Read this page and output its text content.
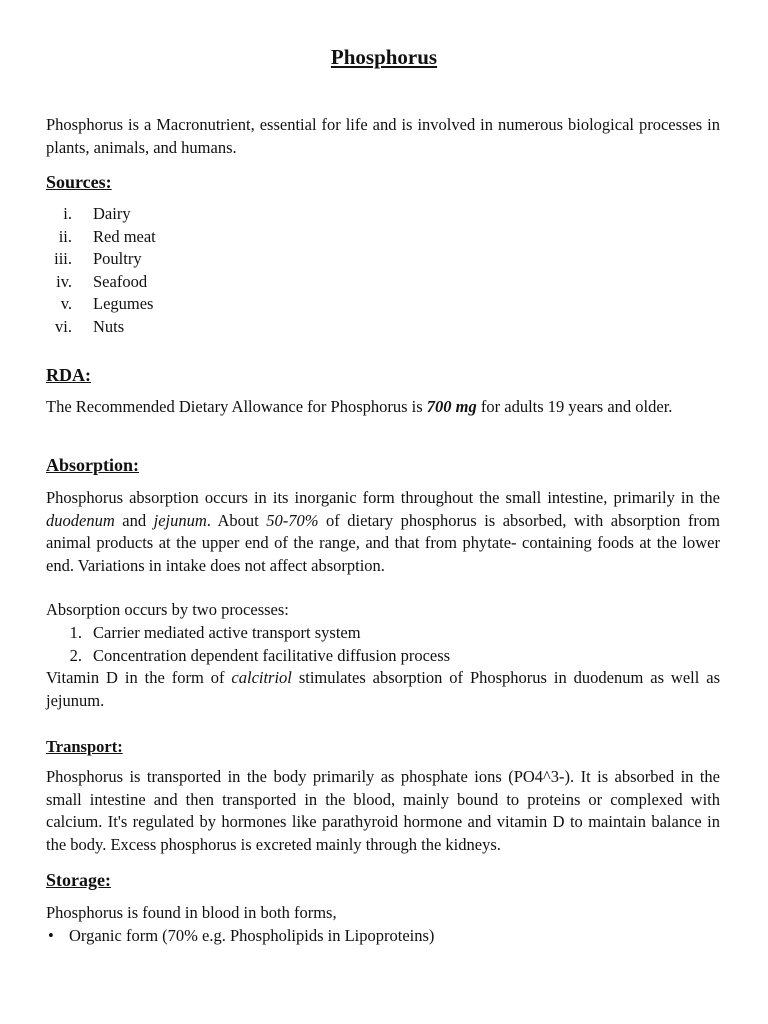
Phosphorus

Phosphorus is a Macronutrient, essential for life and is involved in numerous biological processes in plants, animals, and humans.

Sources:
i. Dairy
ii. Red meat
iii. Poultry
iv. Seafood
v. Legumes
vi. Nuts
RDA:

The Recommended Dietary Allowance for Phosphorus is 700 mg for adults 19 years and older.

Absorption:

Phosphorus absorption occurs in its inorganic form throughout the small intestine, primarily in the duodenum and jejunum. About 50-70% of dietary phosphorus is absorbed, with absorption from animal products at the upper end of the range, and that from phytate- containing foods at the lower end. Variations in intake does not affect absorption.

Absorption occurs by two processes:

1. Carrier mediated active transport system
2. Concentration dependent facilitative diffusion process

Vitamin D in the form of calcitriol stimulates absorption of Phosphorus in duodenum as well as jejunum.

Transport:

Phosphorus is transported in the body primarily as phosphate ions (PO4^3-). It is absorbed in the small intestine and then transported in the blood, mainly bound to proteins or complexed with calcium. It's regulated by hormones like parathyroid hormone and vitamin D to maintain balance in the body. Excess phosphorus is excreted mainly through the kidneys.

Storage:

Phosphorus is found in blood in both forms,

• Organic form (70% e.g. Phospholipids in Lipoproteins)
